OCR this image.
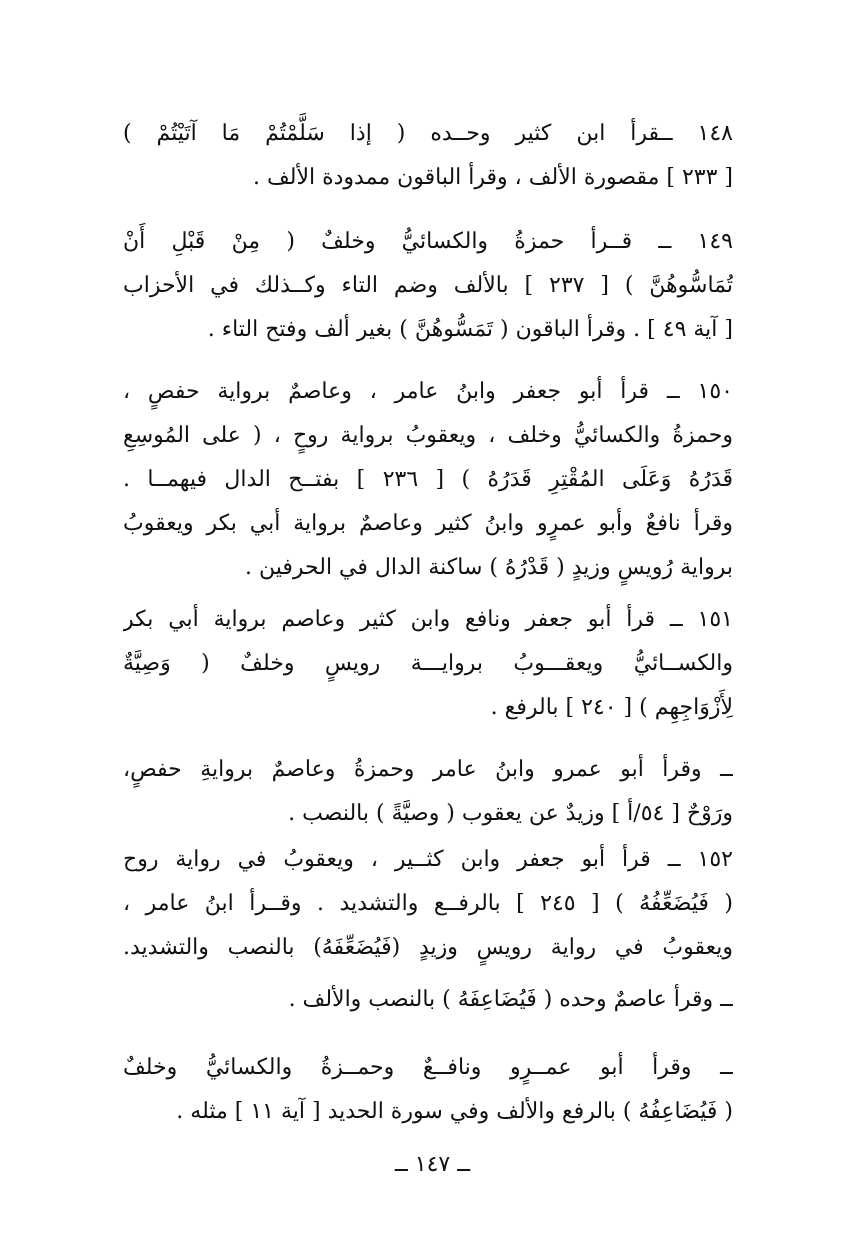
١٤٨ ــقرأ ابن كثير وحــده ( إذا سَلَّمْتُمْ مَا آتَيْتُمْ )
[ ٢٣٣ ] مقصورة الألف ، وقرأ الباقون ممدودة الألف .
١٤٩ ــ قــرأ حمزةُ والكسائيُّ وخلفٌ ( مِنْ قَبْلِ أَنْ
تُمَاسُّوهُنَّ ) [ ٢٣٧ ] بالألف وضم التاء وكــذلك في الأحزاب
[ آية ٤٩ ] . وقرأ الباقون ( تَمَسُّوهُنَّ ) بغير ألف وفتح التاء .
١٥٠ ــ قرأ أبو جعفر وابنُ عامر ، وعاصمٌ برواية حفصٍ ،
وحمزةُ والكسائيُّ وخلف ، ويعقوبُ برواية روحٍ ، ( على المُوسِعِ
قَدَرُهُ وَعَلَى المُقْتِرِ قَدَرُهُ ) [ ٢٣٦ ] بفتــح الدال فيهمــا .
وقرأ نافعٌ وأبو عمرٍو وابنُ كثير وعاصمٌ برواية أبي بكر ويعقوبُ
برواية رُويسٍ وزيدٍ ( قَدْرُهُ ) ساكنة الدال في الحرفين .
١٥١ ــ قرأ أبو جعفر ونافع وابن كثير وعاصم برواية أبي بكر
والكســائيُّ ويعقـــوبُ بروايـــة رويسٍ وخلفٌ ( وَصِيَّةٌ
لِأَزْوَاجِهِم ) [ ٢٤٠ ] بالرفع .
ــ وقرأ أبو عمرو وابنُ عامر وحمزةُ وعاصمٌ بروايةِ حفصٍ،
ورَوْحٌ [ ٥٤/أ ] وزيدٌ عن يعقوب ( وصيَّةً ) بالنصب .
١٥٢ ــ قرأ أبو جعفر وابن كثــير ، ويعقوبُ في رواية روح
( فَيُضَعِّفُهُ ) [ ٢٤٥ ] بالرفــع والتشديد . وقــرأ ابنُ عامر ،
ويعقوبُ في رواية رويسٍ وزيدٍ (فَيُضَعِّفَهُ) بالنصب والتشديد.
ــ وقرأ عاصمٌ وحده ( فَيُضَاعِفَهُ ) بالنصب والألف .
ــ وقرأ أبو عمــرٍو ونافــعٌ وحمــزةُ والكسائيُّ وخلفٌ
( فَيُضَاعِفُهُ ) بالرفع والألف وفي سورة الحديد [ آية ١١ ] مثله .
ــ ١٤٧ ــ
